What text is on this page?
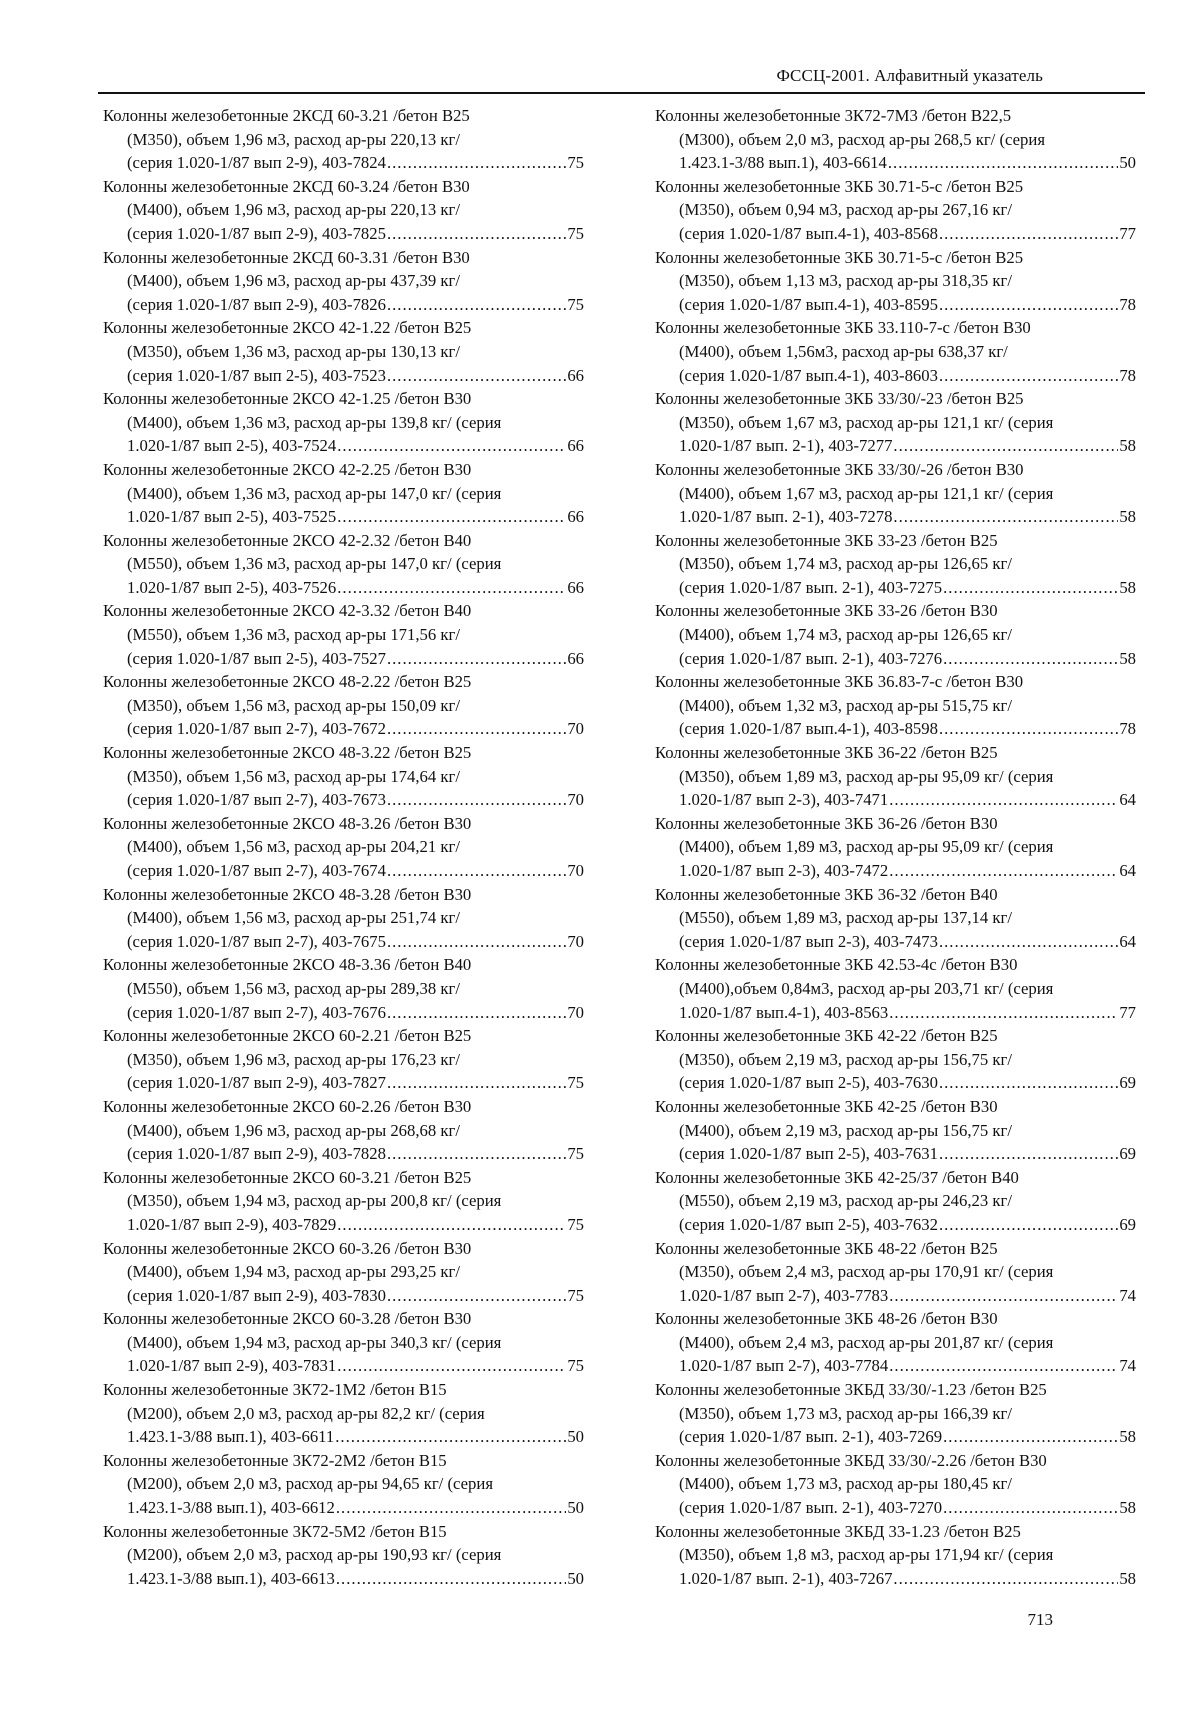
ФССЦ-2001. Алфавитный указатель
Колонны железобетонные 2КСД 60-3.21 /бетон В25
(М350), объем 1,96 м3, расход ар-ры 220,13 кг/
(серия 1.020-1/87 вып 2-9), 403-7824 .....	75
Колонны железобетонные 2КСД 60-3.24 /бетон В30
(М400), объем 1,96 м3, расход ар-ры 220,13 кг/
(серия 1.020-1/87 вып 2-9), 403-7825 .....	75
Колонны железобетонные 2КСД 60-3.31 /бетон В30
(М400), объем 1,96 м3, расход ар-ры 437,39 кг/
(серия 1.020-1/87 вып 2-9), 403-7826 .....	75
Колонны железобетонные 2КСО 42-1.22 /бетон В25
(М350), объем 1,36 м3, расход ар-ры 130,13 кг/
(серия 1.020-1/87 вып 2-5), 403-7523 .....	66
Колонны железобетонные 2КСО 42-1.25 /бетон В30
(М400), объем 1,36 м3, расход ар-ры 139,8 кг/ (серия
1.020-1/87 вып 2-5), 403-7524 .....	66
Колонны железобетонные 2КСО 42-2.25 /бетон В30
(М400), объем 1,36 м3, расход ар-ры 147,0 кг/ (серия
1.020-1/87 вып 2-5), 403-7525 .....	66
Колонны железобетонные 2КСО 42-2.32 /бетон В40
(М550), объем 1,36 м3, расход ар-ры 147,0 кг/ (серия
1.020-1/87 вып 2-5), 403-7526 .....	66
Колонны железобетонные 2КСО 42-3.32 /бетон В40
(М550), объем 1,36 м3, расход ар-ры 171,56 кг/
(серия 1.020-1/87 вып 2-5), 403-7527 .....	66
Колонны железобетонные 2КСО 48-2.22 /бетон В25
(М350), объем 1,56 м3, расход ар-ры 150,09 кг/
(серия 1.020-1/87 вып 2-7), 403-7672 .....	70
Колонны железобетонные 2КСО 48-3.22 /бетон В25
(М350), объем 1,56 м3, расход ар-ры 174,64 кг/
(серия 1.020-1/87 вып 2-7), 403-7673 .....	70
Колонны железобетонные 2КСО 48-3.26 /бетон В30
(М400), объем 1,56 м3, расход ар-ры 204,21 кг/
(серия 1.020-1/87 вып 2-7), 403-7674 .....	70
Колонны железобетонные 2КСО 48-3.28 /бетон В30
(М400), объем 1,56 м3, расход ар-ры 251,74 кг/
(серия 1.020-1/87 вып 2-7), 403-7675 .....	70
Колонны железобетонные 2КСО 48-3.36 /бетон В40
(М550), объем 1,56 м3, расход ар-ры 289,38 кг/
(серия 1.020-1/87 вып 2-7), 403-7676 .....	70
Колонны железобетонные 2КСО 60-2.21 /бетон В25
(М350), объем 1,96 м3, расход ар-ры 176,23 кг/
(серия 1.020-1/87 вып 2-9), 403-7827 .....	75
Колонны железобетонные 2КСО 60-2.26 /бетон В30
(М400), объем 1,96 м3, расход ар-ры 268,68 кг/
(серия 1.020-1/87 вып 2-9), 403-7828 .....	75
Колонны железобетонные 2КСО 60-3.21 /бетон В25
(М350), объем 1,94 м3, расход ар-ры 200,8 кг/ (серия
1.020-1/87 вып 2-9), 403-7829 .....	75
Колонны железобетонные 2КСО 60-3.26 /бетон В30
(М400), объем 1,94 м3, расход ар-ры 293,25 кг/
(серия 1.020-1/87 вып 2-9), 403-7830 .....	75
Колонны железобетонные 2КСО 60-3.28 /бетон В30
(М400), объем 1,94 м3, расход ар-ры 340,3 кг/ (серия
1.020-1/87 вып 2-9), 403-7831 .....	75
Колонны железобетонные 3К72-1М2 /бетон В15
(М200), объем 2,0 м3, расход ар-ры 82,2 кг/ (серия
1.423.1-3/88 вып.1), 403-6611 .....	50
Колонны железобетонные 3К72-2М2 /бетон В15
(М200), объем 2,0 м3, расход ар-ры 94,65 кг/ (серия
1.423.1-3/88 вып.1), 403-6612 .....	50
Колонны железобетонные 3К72-5М2 /бетон В15
(М200), объем 2,0 м3, расход ар-ры 190,93 кг/ (серия
1.423.1-3/88 вып.1), 403-6613 .....	50
Колонны железобетонные 3К72-7М3 /бетон В22,5
(М300), объем 2,0 м3, расход ар-ры 268,5 кг/ (серия
1.423.1-3/88 вып.1), 403-6614 .....	50
Колонны железобетонные 3КБ 30.71-5-с /бетон В25
(М350), объем 0,94 м3, расход ар-ры 267,16 кг/
(серия 1.020-1/87 вып.4-1), 403-8568 .....	77
Колонны железобетонные 3КБ 30.71-5-с /бетон В25
(М350), объем 1,13 м3, расход ар-ры 318,35 кг/
(серия 1.020-1/87 вып.4-1), 403-8595 .....	78
Колонны железобетонные 3КБ 33.110-7-с /бетон В30
(М400), объем 1,56м3, расход ар-ры 638,37 кг/
(серия 1.020-1/87 вып.4-1), 403-8603 .....	78
Колонны железобетонные 3КБ 33/30/-23 /бетон В25
(М350), объем 1,67 м3, расход ар-ры 121,1 кг/ (серия
1.020-1/87 вып. 2-1), 403-7277 .....	58
Колонны железобетонные 3КБ 33/30/-26 /бетон В30
(М400), объем 1,67 м3, расход ар-ры 121,1 кг/ (серия
1.020-1/87 вып. 2-1), 403-7278 .....	58
Колонны железобетонные 3КБ 33-23 /бетон В25
(М350), объем 1,74 м3, расход ар-ры 126,65 кг/
(серия 1.020-1/87 вып. 2-1), 403-7275 .....	58
Колонны железобетонные 3КБ 33-26 /бетон В30
(М400), объем 1,74 м3, расход ар-ры 126,65 кг/
(серия 1.020-1/87 вып. 2-1), 403-7276 .....	58
Колонны железобетонные 3КБ 36.83-7-с /бетон В30
(М400), объем 1,32 м3, расход ар-ры 515,75 кг/
(серия 1.020-1/87 вып.4-1), 403-8598 .....	78
Колонны железобетонные 3КБ 36-22 /бетон В25
(М350), объем 1,89 м3, расход ар-ры 95,09 кг/ (серия
1.020-1/87 вып 2-3), 403-7471 .....	64
Колонны железобетонные 3КБ 36-26 /бетон В30
(М400), объем 1,89 м3, расход ар-ры 95,09 кг/ (серия
1.020-1/87 вып 2-3), 403-7472 .....	64
Колонны железобетонные 3КБ 36-32 /бетон В40
(М550), объем 1,89 м3, расход ар-ры 137,14 кг/
(серия 1.020-1/87 вып 2-3), 403-7473 .....	64
Колонны железобетонные 3КБ 42.53-4с /бетон В30
(М400),объем 0,84м3, расход ар-ры 203,71 кг/ (серия
1.020-1/87 вып.4-1), 403-8563 .....	77
Колонны железобетонные 3КБ 42-22 /бетон В25
(М350), объем 2,19 м3, расход ар-ры 156,75 кг/
(серия 1.020-1/87 вып 2-5), 403-7630 .....	69
Колонны железобетонные 3КБ 42-25 /бетон В30
(М400), объем 2,19 м3, расход ар-ры 156,75 кг/
(серия 1.020-1/87 вып 2-5), 403-7631 .....	69
Колонны железобетонные 3КБ 42-25/37 /бетон В40
(М550), объем 2,19 м3, расход ар-ры 246,23 кг/
(серия 1.020-1/87 вып 2-5), 403-7632 .....	69
Колонны железобетонные 3КБ 48-22 /бетон В25
(М350), объем 2,4 м3, расход ар-ры 170,91 кг/ (серия
1.020-1/87 вып 2-7), 403-7783 .....	74
Колонны железобетонные 3КБ 48-26 /бетон В30
(М400), объем 2,4 м3, расход ар-ры 201,87 кг/ (серия
1.020-1/87 вып 2-7), 403-7784 .....	74
Колонны железобетонные 3КБД 33/30/-1.23 /бетон В25
(М350), объем 1,73 м3, расход ар-ры 166,39 кг/
(серия 1.020-1/87 вып. 2-1), 403-7269 .....	58
Колонны железобетонные 3КБД 33/30/-2.26 /бетон В30
(М400), объем 1,73 м3, расход ар-ры 180,45 кг/
(серия 1.020-1/87 вып. 2-1), 403-7270 .....	58
Колонны железобетонные 3КБД 33-1.23 /бетон В25
(М350), объем 1,8 м3, расход ар-ры 171,94 кг/ (серия
1.020-1/87 вып. 2-1), 403-7267 .....	58
713
